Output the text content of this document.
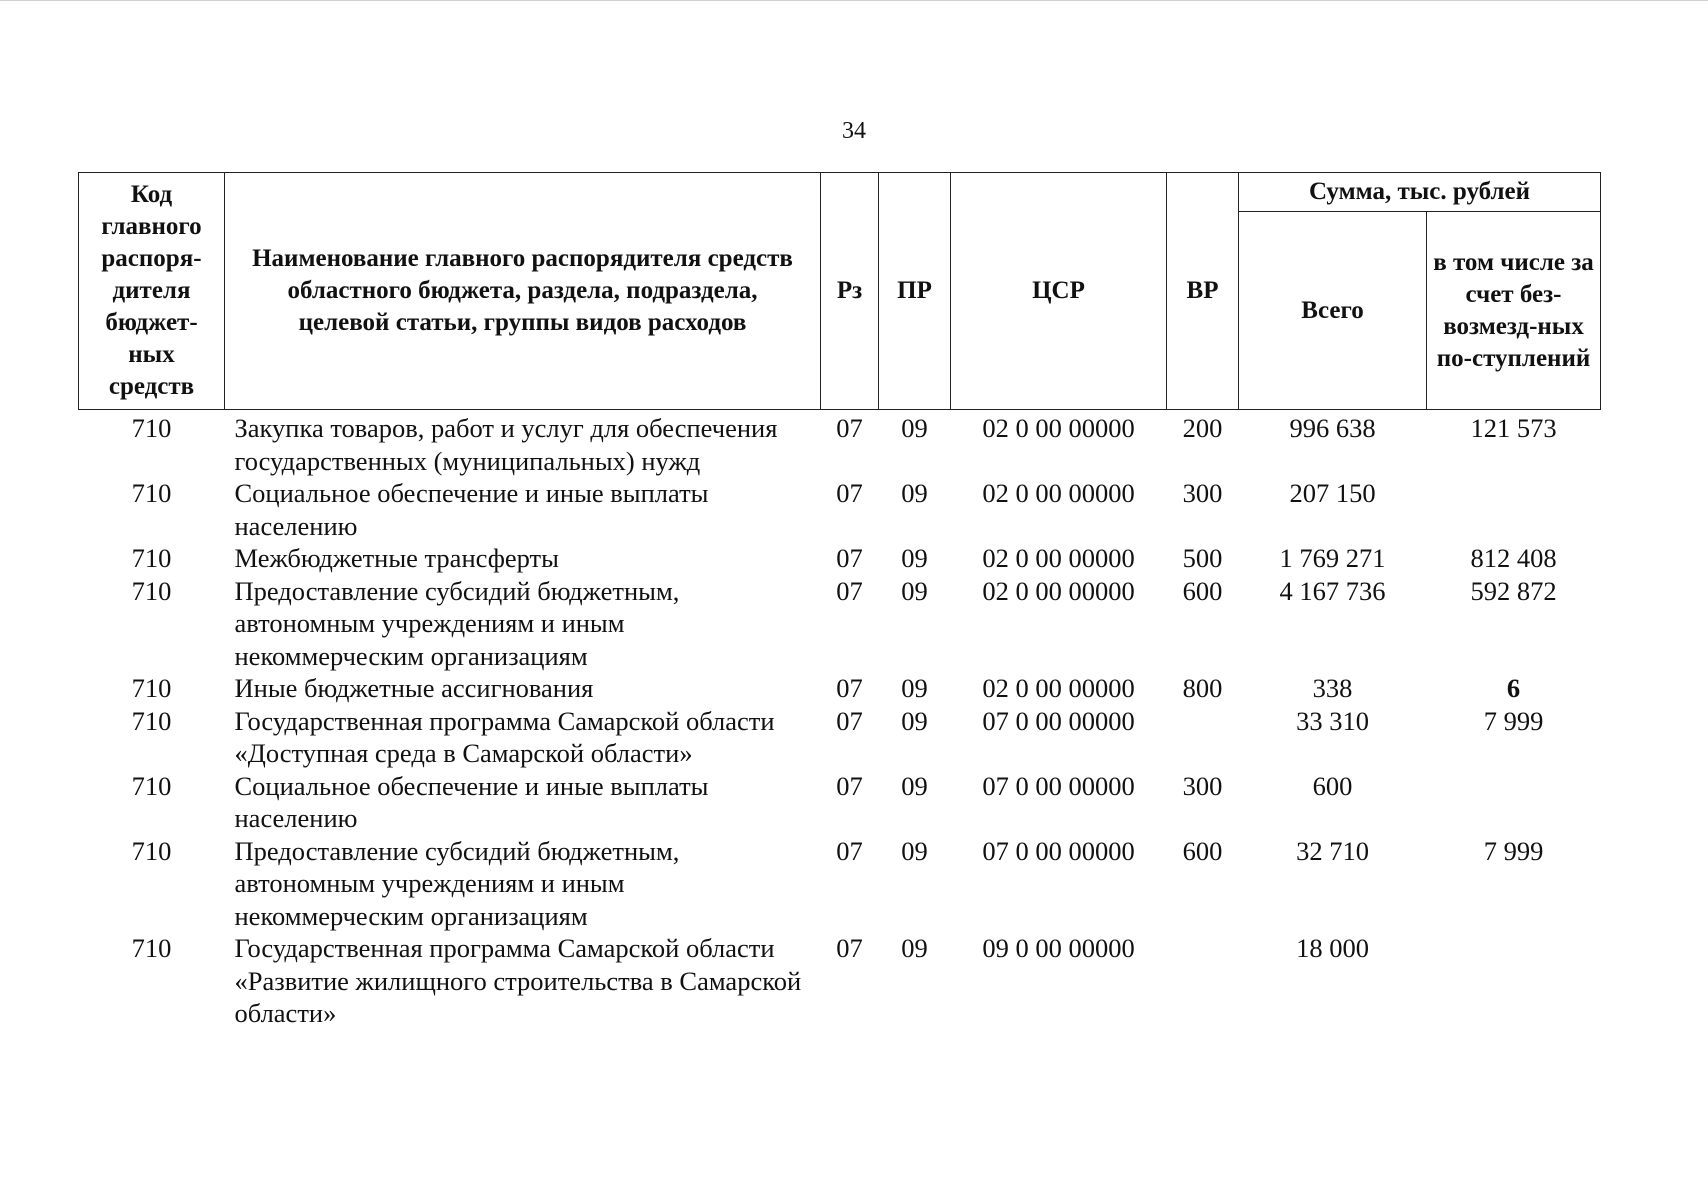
34
Код главного распоря-дителя бюджет-ных средств	Наименование главного распорядителя средств областного бюджета, раздела, подраздела, целевой статьи, группы видов расходов	Рз	ПР	ЦСР	ВР	Сумма, тыс. рублей	
						Всего	в том числе за счет без-возмезд-ных по-ступлений
710	Закупка товаров, работ и услуг для обеспечения государственных (муниципальных) нужд	07	09	02 0 00 00000	200	996 638	121 573
710	Социальное обеспечение и иные выплаты населению	07	09	02 0 00 00000	300	207 150	
710	Межбюджетные трансферты	07	09	02 0 00 00000	500	1 769 271	812 408
710	Предоставление субсидий бюджетным, автономным учреждениям и иным некоммерческим организациям	07	09	02 0 00 00000	600	4 167 736	592 872
710	Иные бюджетные ассигнования	07	09	02 0 00 00000	800	338	6
710	Государственная программа Самарской области «Доступная среда в Самарской области»	07	09	07 0 00 00000		33 310	7 999
710	Социальное обеспечение и иные выплаты населению	07	09	07 0 00 00000	300	600	
710	Предоставление субсидий бюджетным, автономным учреждениям и иным некоммерческим организациям	07	09	07 0 00 00000	600	32 710	7 999
710	Государственная программа Самарской области «Развитие жилищного строительства в Самарской области»	07	09	09 0 00 00000		18 000	
